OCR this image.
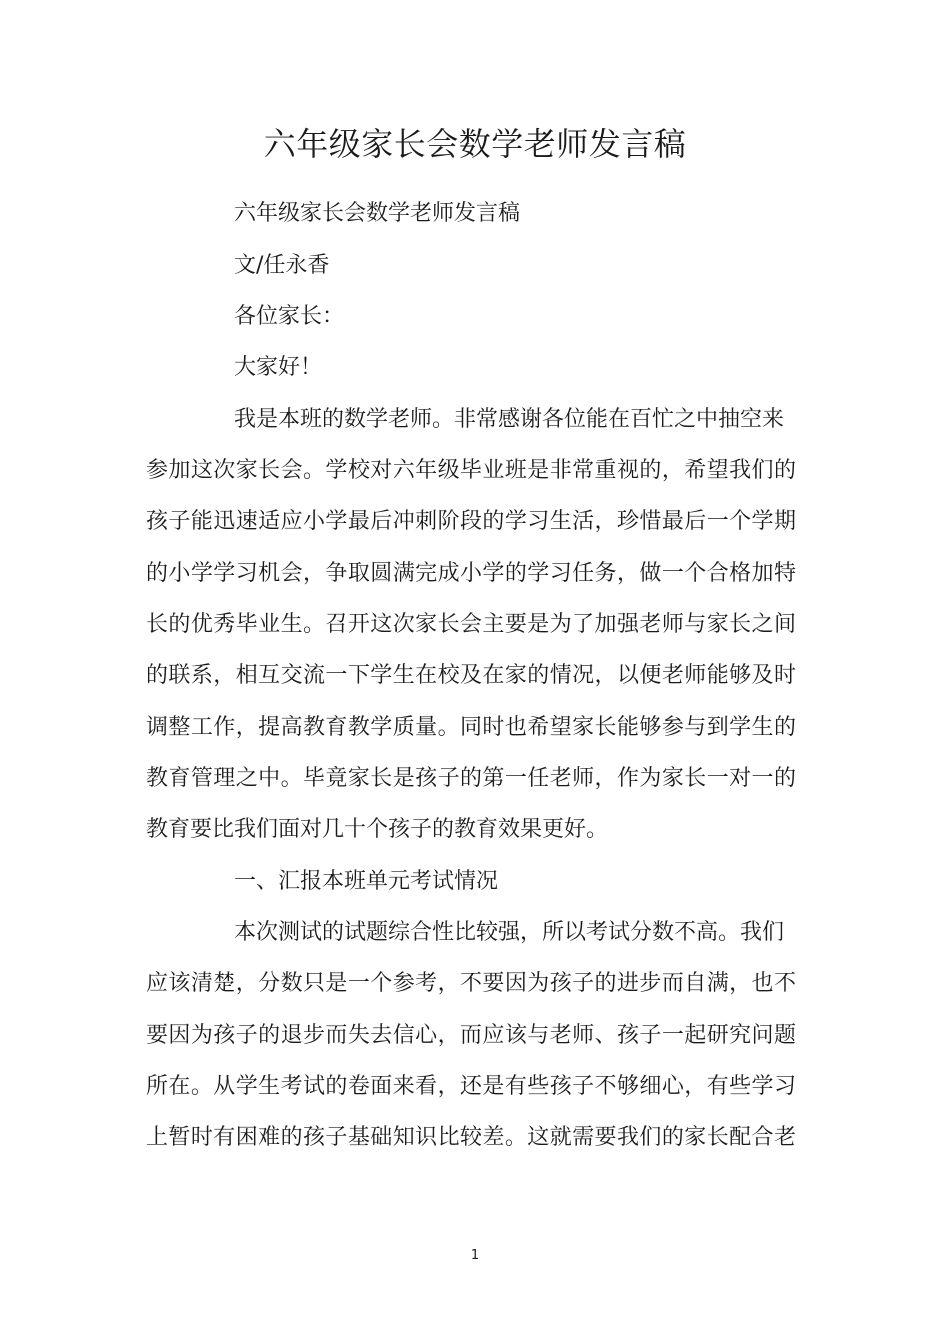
六年级家长会数学老师发言稿

六年级家长会数学老师发言稿

文/任永香

各位家长：

大家好！

我是本班的数学老师。非常感谢各位能在百忙之中抽空来

参加这次家长会。学校对六年级毕业班是非常重视的，希望我们的

孩子能迅速适应小学最后冲刺阶段的学习生活，珍惜最后一个学期

的小学学习机会，争取圆满完成小学的学习任务，做一个合格加特

长的优秀毕业生。召开这次家长会主要是为了加强老师与家长之间

的联系，相互交流一下学生在校及在家的情况，以便老师能够及时

调整工作，提高教育教学质量。同时也希望家长能够参与到学生的

教育管理之中。毕竟家长是孩子的第一任老师，作为家长一对一的

教育要比我们面对几十个孩子的教育效果更好。

一、汇报本班单元考试情况

本次测试的试题综合性比较强，所以考试分数不高。我们

应该清楚，分数只是一个参考，不要因为孩子的进步而自满，也不

要因为孩子的退步而失去信心，而应该与老师、孩子一起研究问题

所在。从学生考试的卷面来看，还是有些孩子不够细心，有些学习

上暂时有困难的孩子基础知识比较差。这就需要我们的家长配合老

1
